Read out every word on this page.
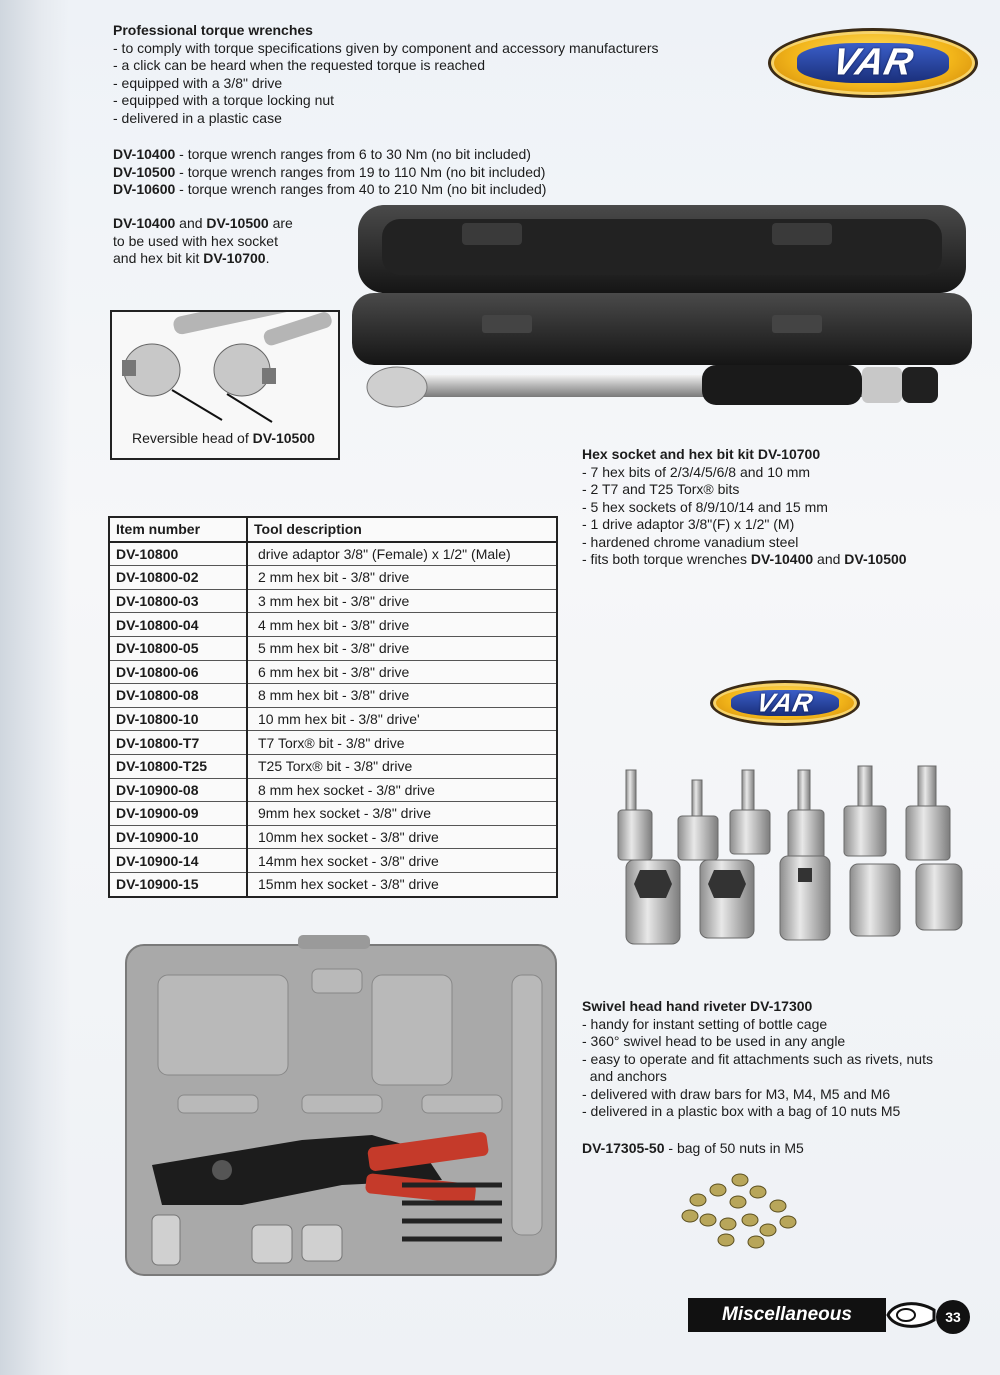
Professional torque wrenches
- to comply with torque specifications given by component and accessory manufacturers
- a click can be heard when the requested torque is reached
- equipped with a 3/8" drive
- equipped with a torque locking nut
- delivered in a plastic case
DV-10400 - torque wrench ranges from 6 to 30 Nm (no bit included)
DV-10500 - torque wrench ranges from 19 to 110 Nm (no bit included)
DV-10600 - torque wrench ranges from 40 to 210 Nm (no bit included)
DV-10400 and DV-10500 are
to be used with hex socket
and hex bit kit DV-10700.
VAR
Reversible head of DV-10500
Hex socket and hex bit kit DV-10700
- 7 hex bits of 2/3/4/5/6/8 and 10 mm
- 2 T7 and T25 Torx® bits
- 5 hex sockets of 8/9/10/14 and 15 mm
- 1 drive adaptor 3/8"(F) x 1/2" (M)
- hardened chrome vanadium steel
- fits both torque wrenches DV-10400 and DV-10500
Item number	Tool description
DV-10800	drive adaptor 3/8" (Female) x 1/2" (Male)
DV-10800-02	2 mm hex bit - 3/8" drive
DV-10800-03	3 mm hex bit - 3/8" drive
DV-10800-04	4 mm hex bit - 3/8" drive
DV-10800-05	5 mm hex bit - 3/8" drive
DV-10800-06	6 mm hex bit - 3/8" drive
DV-10800-08	8 mm hex bit - 3/8" drive
DV-10800-10	10 mm hex bit - 3/8" drive'
DV-10800-T7	T7 Torx® bit - 3/8" drive
DV-10800-T25	T25 Torx® bit - 3/8" drive
DV-10900-08	8 mm hex socket - 3/8" drive
DV-10900-09	9mm hex socket - 3/8" drive
DV-10900-10	10mm hex socket - 3/8" drive
DV-10900-14	14mm hex socket - 3/8" drive
DV-10900-15	15mm hex socket - 3/8" drive
VAR
Swivel head hand riveter DV-17300
- handy for instant setting of bottle cage
- 360° swivel head to be used in any angle
- easy to operate and fit attachments such as rivets, nuts
and anchors
- delivered with draw bars for M3, M4, M5 and M6
- delivered in a plastic box with a bag of 10 nuts M5
DV-17305-50 - bag of 50 nuts in M5
Miscellaneous	33
